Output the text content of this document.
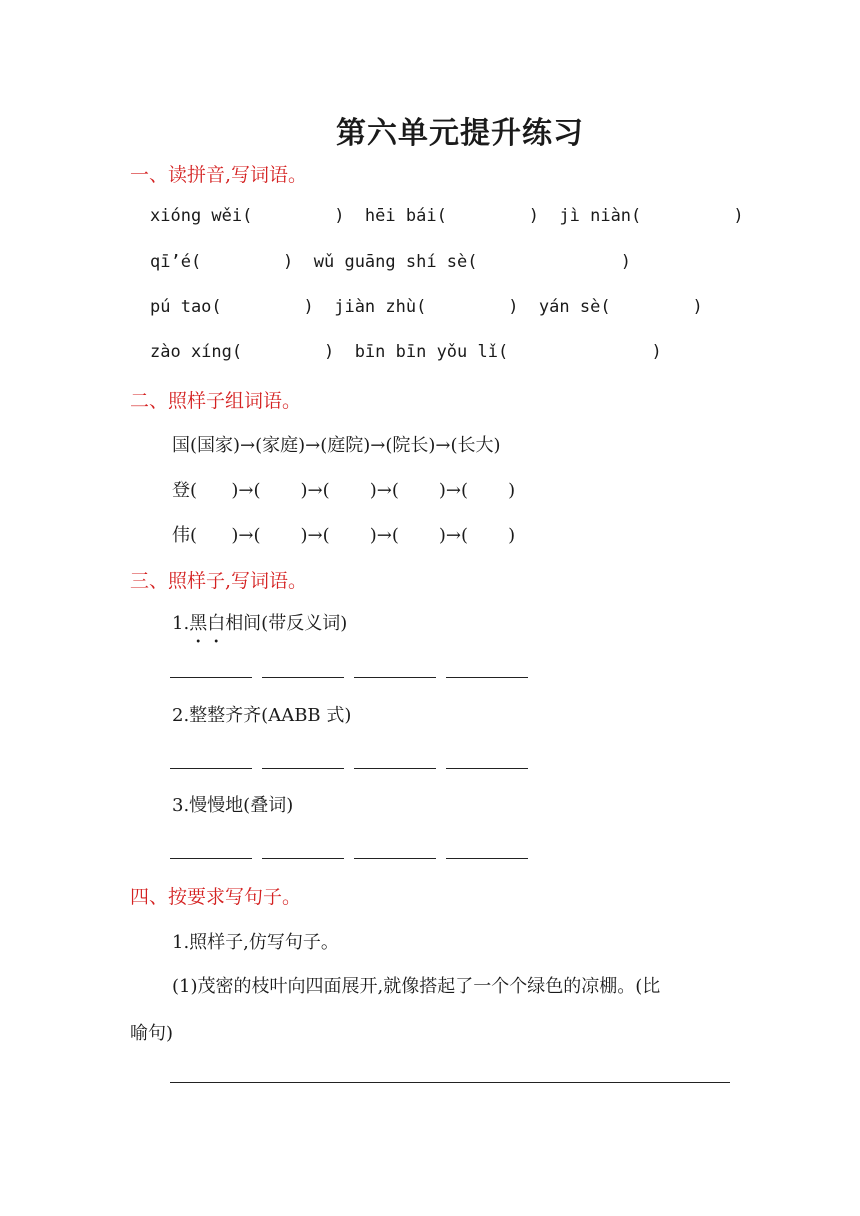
第六单元提升练习
一、读拼音,写词语。
xióng wěi(        )  hēi bái(        )  jì niàn(         )
qī’é(        )  wǔ guāng shí sè(              )
pú tao(        )  jiàn zhù(        )  yán sè(        )
zào xíng(        )  bīn bīn yǒu lǐ(              )
二、照样子组词语。
国(国家)→(家庭)→(庭院)→(院长)→(长大)
登(      )→(       )→(       )→(       )→(       )
伟(      )→(       )→(       )→(       )→(       )
三、照样子,写词语。
1.黑白相间(带反义词)
2.整整齐齐(AABB 式)
3.慢慢地(叠词)
四、按要求写句子。
1.照样子,仿写句子。
(1)茂密的枝叶向四面展开,就像搭起了一个个绿色的凉棚。(比
喻句)
